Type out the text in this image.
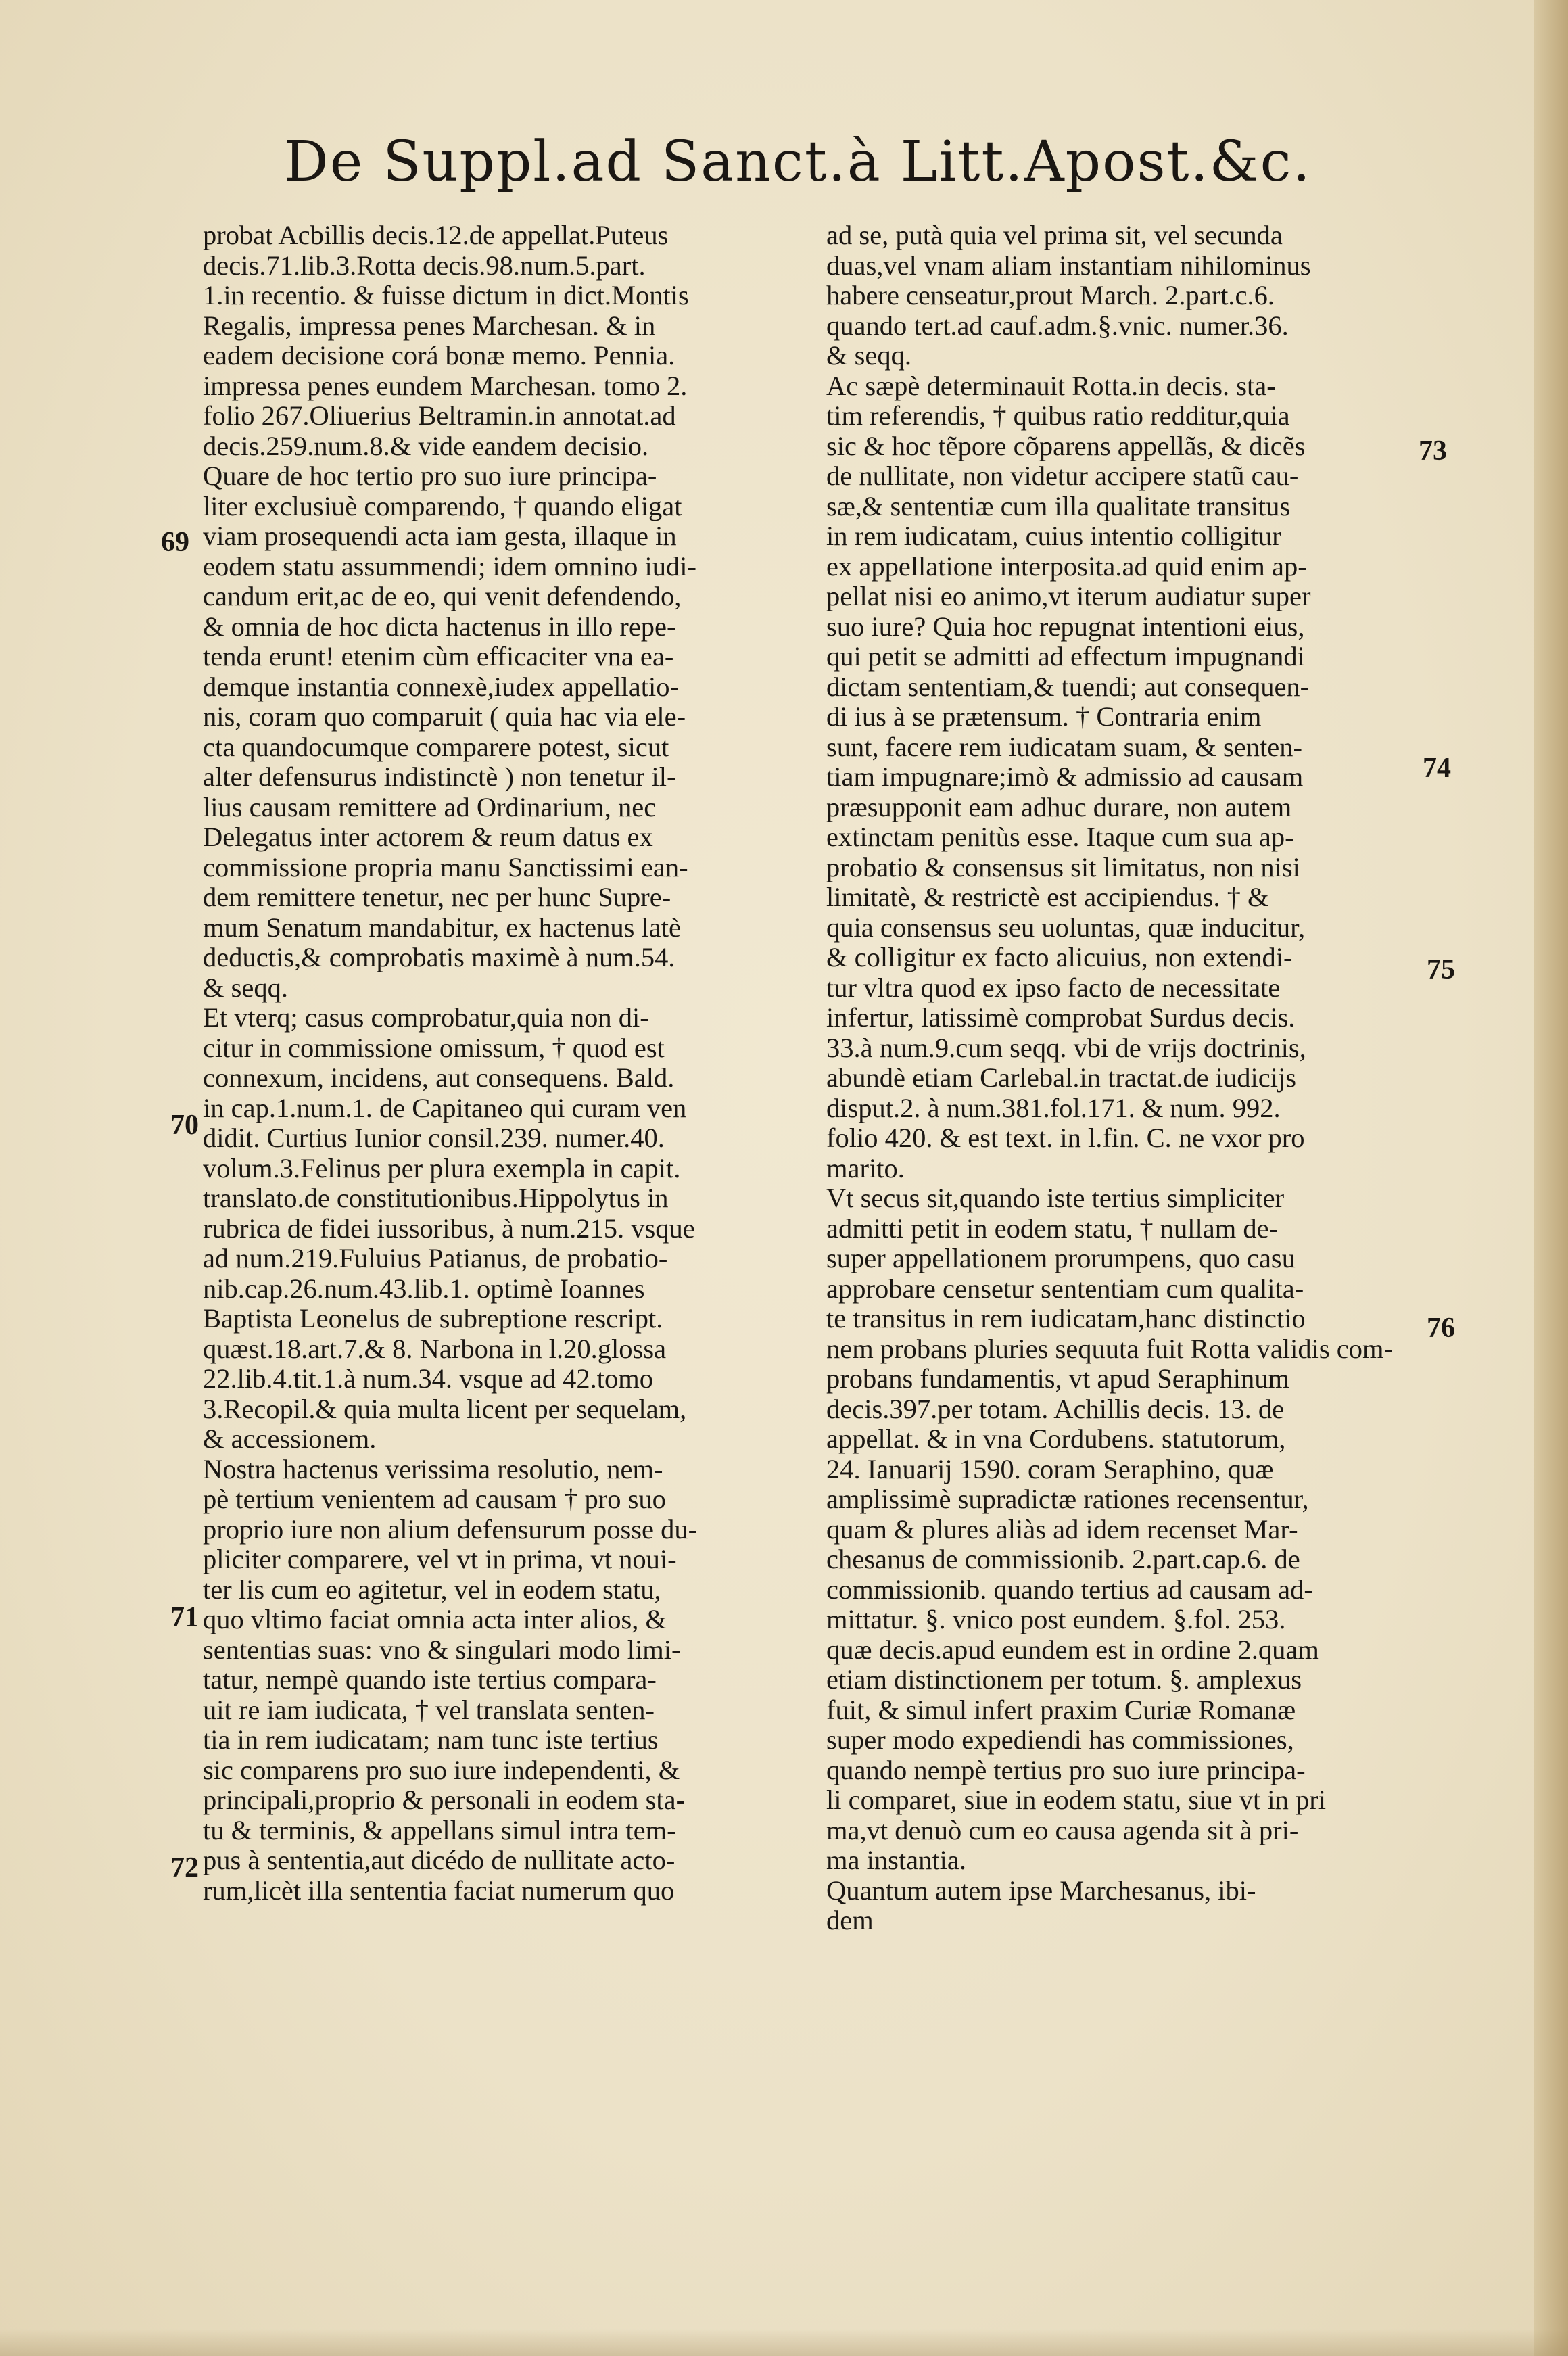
De Suppl.ad Sanct.à Litt.Apost.&c.
probat Acbillis decis.12.de appellat.Puteus
decis.71.lib.3.Rotta decis.98.num.5.part.
1.in recentio. & fuisse dictum in dict.Montis
Regalis, impressa penes Marchesan. & in
eadem decisione corá bonæ memo. Pennia.
impressa penes eundem Marchesan. tomo 2.
folio 267.Oliuerius Beltramin.in annotat.ad
decis.259.num.8.& vide eandem decisio.
Quare de hoc tertio pro suo iure principa-
liter exclusiuè comparendo, † quando eligat
viam prosequendi acta iam gesta, illaque in
eodem statu assummendi; idem omnino iudi-
candum erit,ac de eo, qui venit defendendo,
& omnia de hoc dicta hactenus in illo repe-
tenda erunt! etenim cùm efficaciter vna ea-
demque instantia connexè,iudex appellatio-
nis, coram quo comparuit ( quia hac via ele-
cta quandocumque comparere potest, sicut
alter defensurus indistinctè ) non tenetur il-
lius causam remittere ad Ordinarium, nec
Delegatus inter actorem & reum datus ex
commissione propria manu Sanctissimi ean-
dem remittere tenetur, nec per hunc Supre-
mum Senatum mandabitur, ex hactenus latè
deductis,& comprobatis maximè à num.54.
& seqq.
Et vterq; casus comprobatur,quia non di-
citur in commissione omissum, † quod est
connexum, incidens, aut consequens. Bald.
in cap.1.num.1. de Capitaneo qui curam ven
didit. Curtius Iunior consil.239. numer.40.
volum.3.Felinus per plura exempla in capit.
translato.de constitutionibus.Hippolytus in
rubrica de fidei iussoribus, à num.215. vsque
ad num.219.Fuluius Patianus, de probatio-
nib.cap.26.num.43.lib.1. optimè Ioannes
Baptista Leonelus de subreptione rescript.
quæst.18.art.7.& 8. Narbona in l.20.glossa
22.lib.4.tit.1.à num.34. vsque ad 42.tomo
3.Recopil.& quia multa licent per sequelam,
& accessionem.
Nostra hactenus verissima resolutio, nem-
pè tertium venientem ad causam † pro suo
proprio iure non alium defensurum posse du-
pliciter comparere, vel vt in prima, vt noui-
ter lis cum eo agitetur, vel in eodem statu,
quo vltimo faciat omnia acta inter alios, &
sententias suas: vno & singulari modo limi-
tatur, nempè quando iste tertius compara-
uit re iam iudicata, † vel translata senten-
tia in rem iudicatam; nam tunc iste tertius
sic comparens pro suo iure independenti, &
principali,proprio & personali in eodem sta-
tu & terminis, & appellans simul intra tem-
pus à sententia,aut dicédo de nullitate acto-
rum,licèt illa sententia faciat numerum quo
ad se, putà quia vel prima sit, vel secunda
duas,vel vnam aliam instantiam nihilominus
habere censeatur,prout March. 2.part.c.6.
quando tert.ad cauf.adm.§.vnic. numer.36.
& seqq.
Ac sæpè determinauit Rotta.in decis. sta-
tim referendis, † quibus ratio redditur,quia
sic & hoc tẽpore cõparens appellãs, & dicẽs
de nullitate, non videtur accipere statũ cau-
sæ,& sententiæ cum illa qualitate transitus
in rem iudicatam, cuius intentio colligitur
ex appellatione interposita.ad quid enim ap-
pellat nisi eo animo,vt iterum audiatur super
suo iure? Quia hoc repugnat intentioni eius,
qui petit se admitti ad effectum impugnandi
dictam sententiam,& tuendi; aut consequen-
di ius à se prætensum. † Contraria enim
sunt, facere rem iudicatam suam, & senten-
tiam impugnare;imò & admissio ad causam
præsupponit eam adhuc durare, non autem
extinctam penitùs esse. Itaque cum sua ap-
probatio & consensus sit limitatus, non nisi
limitatè, & restrictè est accipiendus. † &
quia consensus seu uoluntas, quæ inducitur,
& colligitur ex facto alicuius, non extendi-
tur vltra quod ex ipso facto de necessitate
infertur, latissimè comprobat Surdus decis.
33.à num.9.cum seqq. vbi de vrijs doctrinis,
abundè etiam Carlebal.in tractat.de iudicijs
disput.2. à num.381.fol.171. & num. 992.
folio 420. & est text. in l.fin. C. ne vxor pro
marito.
Vt secus sit,quando iste tertius simpliciter
admitti petit in eodem statu, † nullam de-
super appellationem prorumpens, quo casu
approbare censetur sententiam cum qualita-
te transitus in rem iudicatam,hanc distinctio
nem probans pluries sequuta fuit Rotta validis com-
probans fundamentis, vt apud Seraphinum
decis.397.per totam. Achillis decis. 13. de
appellat. & in vna Cordubens. statutorum,
24. Ianuarij 1590. coram Seraphino, quæ
amplissimè supradictæ rationes recensentur,
quam & plures aliàs ad idem recenset Mar-
chesanus de commissionib. 2.part.cap.6. de
commissionib. quando tertius ad causam ad-
mittatur. §. vnico post eundem. §.fol. 253.
quæ decis.apud eundem est in ordine 2.quam
etiam distinctionem per totum. §. amplexus
fuit, & simul infert praxim Curiæ Romanæ
super modo expediendi has commissiones,
quando nempè tertius pro suo iure principa-
li comparet, siue in eodem statu, siue vt in pri
ma,vt denuò cum eo causa agenda sit à pri-
ma instantia.
Quantum autem ipse Marchesanus, ibi-
dem
69
70
71
72
73
74
75
76
